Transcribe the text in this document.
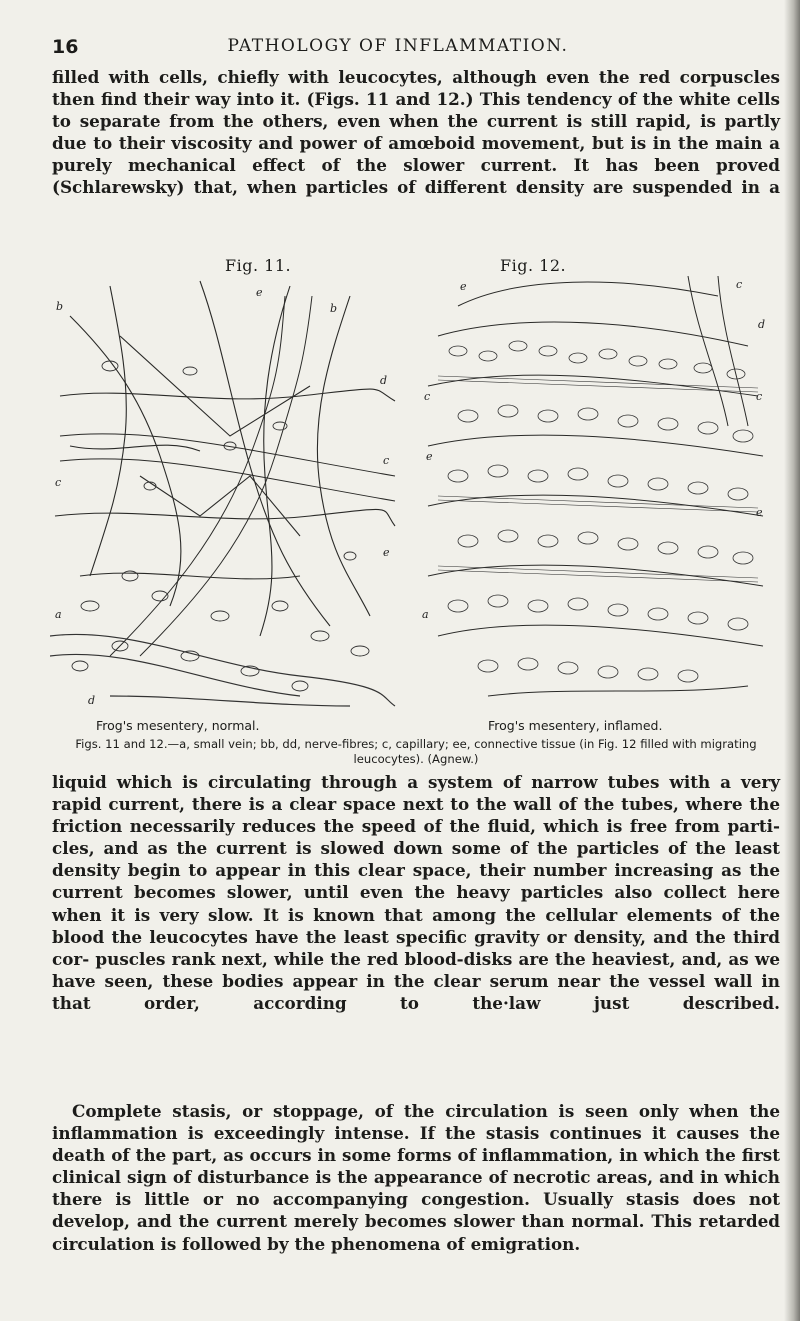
16	PATHOLOGY OF INFLAMMATION.

filled with cells, chiefly with leucocytes, although even the red corpuscles then find their way into it. (Figs. 11 and 12.) This tendency of the white cells to separate from the others, even when the current is still rapid, is partly due to their viscosity and power of amœboid movement, but is in the main a purely mechanical effect of the slower current. It has been proved (Schlarewsky) that, when particles of different density are suspended in a

Fig. 11.	Fig. 12.
b
e
b
d
c
e
c
a
d
e	c
d
c	c
e
e
a
Frog's mesentery, normal.	Frog's mesentery, inflamed.

Figs. 11 and 12.—a, small vein; bb, dd, nerve-fibres; c, capillary; ee, connective tissue (in Fig. 12 filled with migrating leucocytes). (Agnew.)

liquid which is circulating through a system of narrow tubes with a very rapid current, there is a clear space next to the wall of the tubes, where the friction necessarily reduces the speed of the fluid, which is free from parti- cles, and as the current is slowed down some of the particles of the least density begin to appear in this clear space, their number increasing as the current becomes slower, until even the heavy particles also collect here when it is very slow. It is known that among the cellular elements of the blood the leucocytes have the least specific gravity or density, and the third cor- puscles rank next, while the red blood-disks are the heaviest, and, as we have seen, these bodies appear in the clear serum near the vessel wall in that order, according to the·law just described.

Complete stasis, or stoppage, of the circulation is seen only when the inflammation is exceedingly intense. If the stasis continues it causes the death of the part, as occurs in some forms of inflammation, in which the first clinical sign of disturbance is the appearance of necrotic areas, and in which there is little or no accompanying congestion. Usually stasis does not develop, and the current merely becomes slower than normal. This retarded circulation is followed by the phenomena of emigration.
